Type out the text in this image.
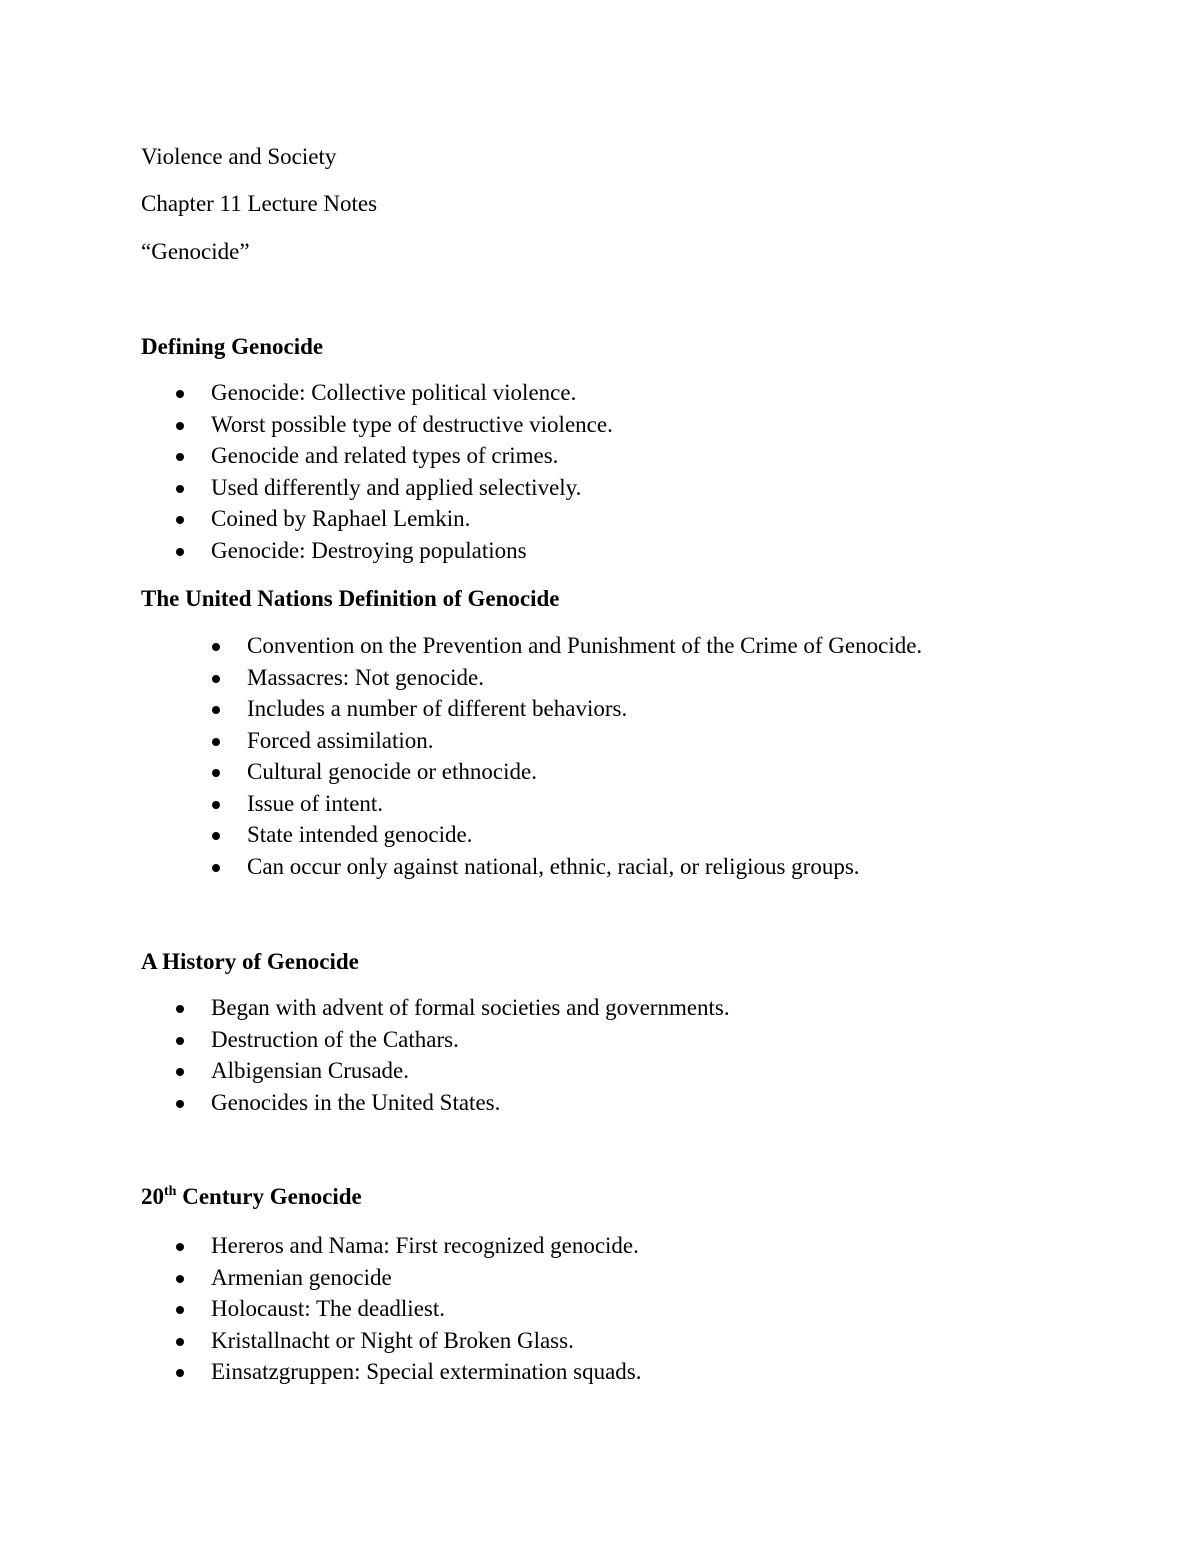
Violence and Society
Chapter 11 Lecture Notes
“Genocide”
Defining Genocide
Genocide: Collective political violence.
Worst possible type of destructive violence.
Genocide and related types of crimes.
Used differently and applied selectively.
Coined by Raphael Lemkin.
Genocide: Destroying populations
The United Nations Definition of Genocide
Convention on the Prevention and Punishment of the Crime of Genocide.
Massacres: Not genocide.
Includes a number of different behaviors.
Forced assimilation.
Cultural genocide or ethnocide.
Issue of intent.
State intended genocide.
Can occur only against national, ethnic, racial, or religious groups.
A History of Genocide
Began with advent of formal societies and governments.
Destruction of the Cathars.
Albigensian Crusade.
Genocides in the United States.
20th Century Genocide
Hereros and Nama: First recognized genocide.
Armenian genocide
Holocaust: The deadliest.
Kristallnacht or Night of Broken Glass.
Einsatzgruppen: Special extermination squads.
